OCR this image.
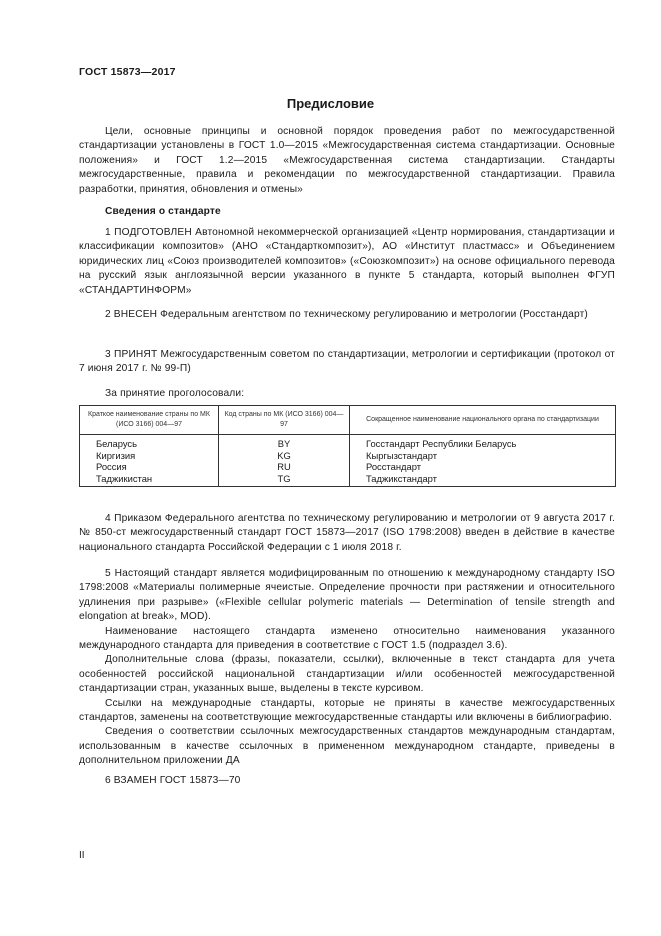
ГОСТ 15873—2017
Предисловие

Цели, основные принципы и основной порядок проведения работ по межгосударственной стандартизации установлены в ГОСТ 1.0—2015 «Межгосударственная система стандартизации. Основные положения» и ГОСТ 1.2—2015 «Межгосударственная система стандартизации. Стандарты межгосударственные, правила и рекомендации по межгосударственной стандартизации. Правила разработки, принятия, обновления и отмены»

Сведения о стандарте

1 ПОДГОТОВЛЕН Автономной некоммерческой организацией «Центр нормирования, стандартизации и классификации композитов» (АНО «Стандарткомпозит»), АО «Институт пластмасс» и Объединением юридических лиц «Союз производителей композитов» («Союзкомпозит») на основе официального перевода на русский язык англоязычной версии указанного в пункте 5 стандарта, который выполнен ФГУП «СТАНДАРТИНФОРМ»

2 ВНЕСЕН Федеральным агентством по техническому регулированию и метрологии (Росстандарт)

3 ПРИНЯТ Межгосударственным советом по стандартизации, метрологии и сертификации (протокол от 7 июня 2017 г. № 99-П)

За принятие проголосовали:

Краткое наименование страны по МК (ИСО 3166) 004—97	Код страны по МК (ИСО 3166) 004—97	Сокращенное наименование национального органа по стандартизации
Беларусь	BY	Госстандарт Республики Беларусь
Киргизия	KG	Кыргызстандарт
Россия	RU	Росстандарт
Таджикистан	TG	Таджикстандарт

4 Приказом Федерального агентства по техническому регулированию и метрологии от 9 августа 2017 г. № 850-ст межгосударственный стандарт ГОСТ 15873—2017 (ISO 1798:2008) введен в действие в качестве национального стандарта Российской Федерации с 1 июля 2018 г.

5 Настоящий стандарт является модифицированным по отношению к международному стандарту ISO 1798:2008 «Материалы полимерные ячеистые. Определение прочности при растяжении и относительного удлинения при разрыве» («Flexible cellular polymeric materials — Determination of tensile strength and elongation at break», MOD).

Наименование настоящего стандарта изменено относительно наименования указанного международного стандарта для приведения в соответствие с ГОСТ 1.5 (подраздел 3.6).

Дополнительные слова (фразы, показатели, ссылки), включенные в текст стандарта для учета особенностей российской национальной стандартизации и/или особенностей межгосударственной стандартизации стран, указанных выше, выделены в тексте курсивом.

Ссылки на международные стандарты, которые не приняты в качестве межгосударственных стандартов, заменены на соответствующие межгосударственные стандарты или включены в библиографию.

Сведения о соответствии ссылочных межгосударственных стандартов международным стандартам, использованным в качестве ссылочных в примененном международном стандарте, приведены в дополнительном приложении ДА

6 ВЗАМЕН ГОСТ 15873—70

II
